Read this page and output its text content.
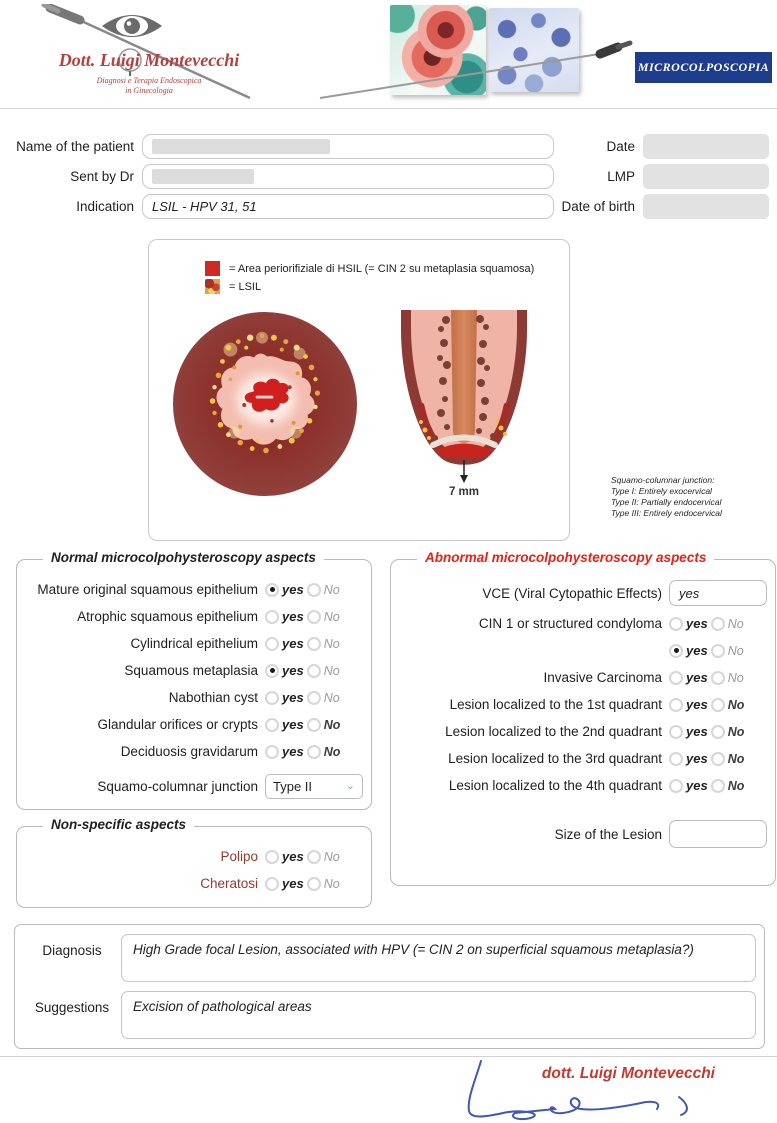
Dott. Luigi Montevecchi
Diagnosi e Terapia Endoscopica
in Ginecologia
MICROCOLPOSCOPIA
Name of the patient
Sent by Dr
Indication	LSIL - HPV 31, 51
Date
LMP
Date of birth
= Area periorifiziale di HSIL (= CIN 2 su metaplasia squamosa)
= LSIL
7 mm
Squamo-columnar junction:
Type I: Entirely exocervical
Type II: Partially endocervical
Type III: Entirely endocervical
Normal microcolpohysteroscopy aspects
Mature original squamous epithelium	yes No
Atrophic squamous epithelium	yes No
Cylindrical epithelium	yes No
Squamous metaplasia	yes No
Nabothian cyst	yes No
Glandular orifices or crypts	yes No
Deciduosis gravidarum	yes No
Squamo-columnar junction	Type II	⌄
Non-specific aspects
Polipo	yes No
Cheratosi	yes No
Abnormal microcolpohysteroscopy aspects
VCE (Viral Cytopathic Effects)	yes
CIN 1 or structured condyloma	yes No
yes No
Invasive Carcinoma	yes No
Lesion localized to the 1st quadrant	yes No
Lesion localized to the 2nd quadrant	yes No
Lesion localized to the 3rd quadrant	yes No
Lesion localized to the 4th quadrant	yes No
Size of the Lesion
Diagnosis	High Grade focal Lesion, associated with HPV (= CIN 2 on superficial squamous metaplasia?)
Suggestions	Excision of pathological areas
dott. Luigi Montevecchi
